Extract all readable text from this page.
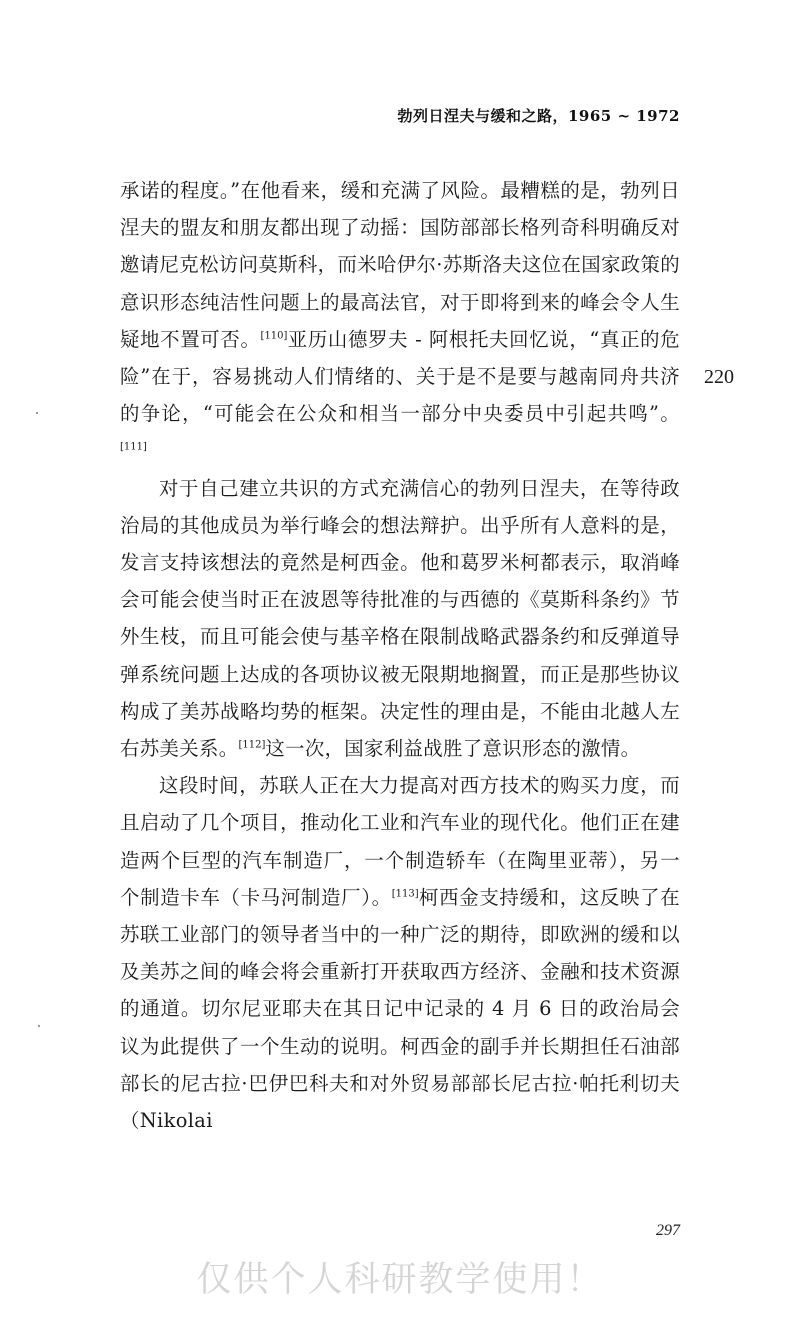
勃列日涅夫与缓和之路，1965 ~ 1972

承诺的程度。”在他看来，缓和充满了风险。最糟糕的是，勃列日涅夫的盟友和朋友都出现了动摇：国防部部长格列奇科明确反对邀请尼克松访问莫斯科，而米哈伊尔·苏斯洛夫这位在国家政策的意识形态纯洁性问题上的最高法官，对于即将到来的峰会令人生疑地不置可否。[110]亚历山德罗夫 - 阿根托夫回忆说，“真正的危险”在于，容易挑动人们情绪的、关于是不是要与越南同舟共济的争论，“可能会在公众和相当一部分中央委员中引起共鸣”。[111]

对于自己建立共识的方式充满信心的勃列日涅夫，在等待政治局的其他成员为举行峰会的想法辩护。出乎所有人意料的是，发言支持该想法的竟然是柯西金。他和葛罗米柯都表示，取消峰会可能会使当时正在波恩等待批准的与西德的《莫斯科条约》节外生枝，而且可能会使与基辛格在限制战略武器条约和反弹道导弹系统问题上达成的各项协议被无限期地搁置，而正是那些协议构成了美苏战略均势的框架。决定性的理由是，不能由北越人左右苏美关系。[112]这一次，国家利益战胜了意识形态的激情。

这段时间，苏联人正在大力提高对西方技术的购买力度，而且启动了几个项目，推动化工业和汽车业的现代化。他们正在建造两个巨型的汽车制造厂，一个制造轿车（在陶里亚蒂），另一个制造卡车（卡马河制造厂）。[113]柯西金支持缓和，这反映了在苏联工业部门的领导者当中的一种广泛的期待，即欧洲的缓和以及美苏之间的峰会将会重新打开获取西方经济、金融和技术资源的通道。切尔尼亚耶夫在其日记中记录的 4 月 6 日的政治局会议为此提供了一个生动的说明。柯西金的副手并长期担任石油部部长的尼古拉·巴伊巴科夫和对外贸易部部长尼古拉·帕托利切夫（Nikolai

220
297
仅供个人科研教学使用！
